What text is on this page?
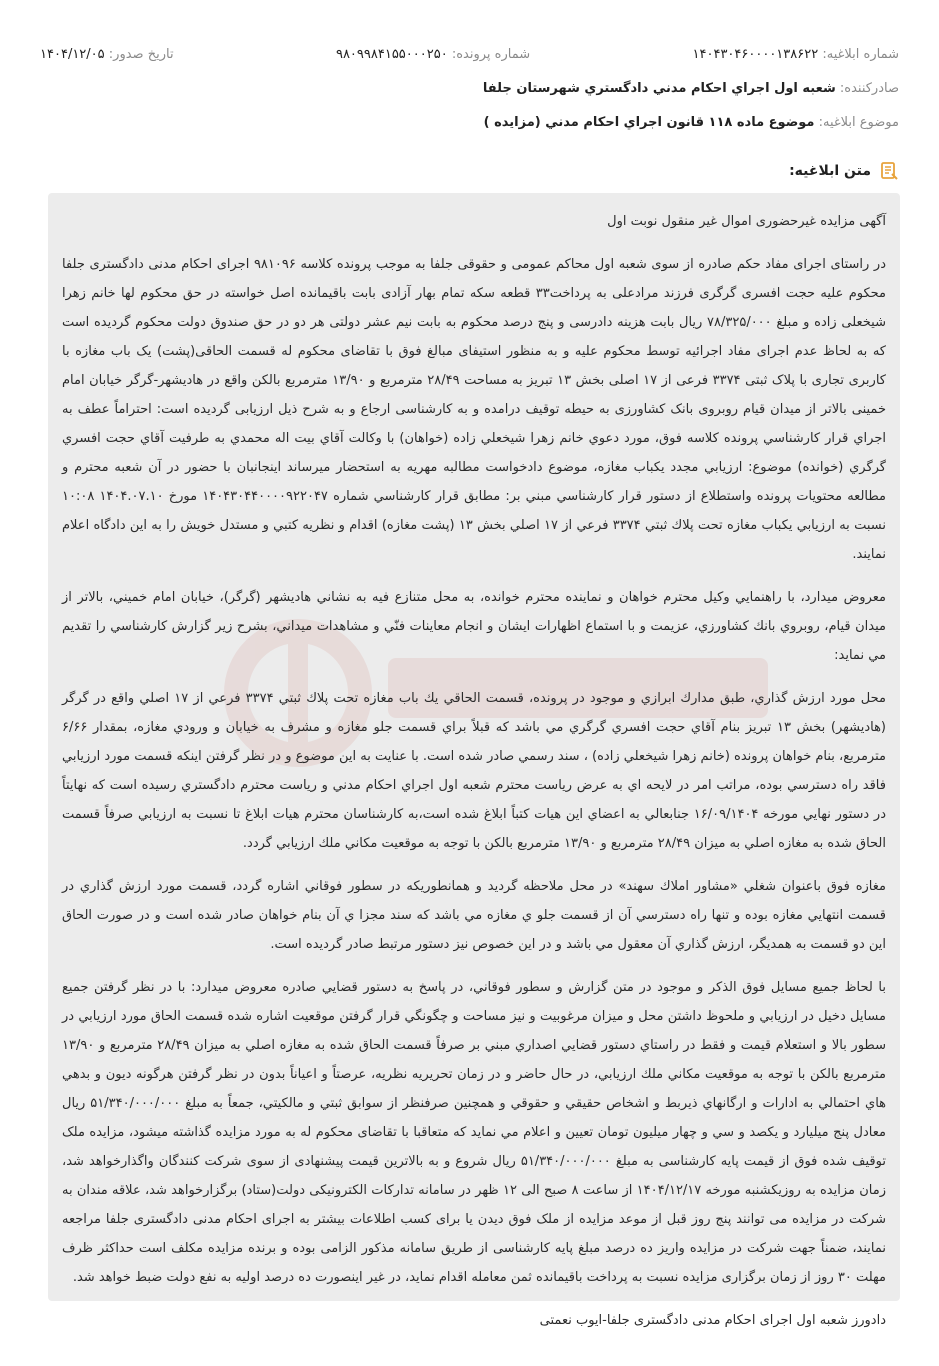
شماره ابلاغیه: ۱۴۰۴۳۰۴۶۰۰۰۰۱۳۸۶۲۲
شماره پرونده: ۹۸۰۹۹۸۴۱۵۵۰۰۰۲۵۰
تاریخ صدور: ۱۴۰۴/۱۲/۰۵
صادرکننده: شعبه اول اجراي احكام مدني دادگستري شهرستان جلفا
موضوع ابلاغیه: موضوع ماده ۱۱۸ قانون اجراي احكام مدني (مزايده )
متن ابلاغیه:

آگهی مزایده غیرحضوری اموال غیر منقول نوبت اول

در راستای اجرای مفاد حکم صادره از سوی شعبه اول محاکم عمومی و حقوقی جلفا به موجب پرونده کلاسه ۹۸۱۰۹۶ اجرای احکام مدنی دادگستری جلفا محکوم علیه حجت افسری گرگری فرزند مرادعلی به پرداخت۳۳ قطعه سکه تمام بهار آزادی بابت باقیمانده اصل خواسته در حق محکوم لها خانم زهرا شیخعلی زاده و مبلغ ۷۸/۳۲۵/۰۰۰ ریال بابت هزینه دادرسی و پنج درصد محکوم به بابت نیم عشر دولتی هر دو در حق صندوق دولت محکوم گردیده است که به لحاظ عدم اجرای مفاد اجرائیه توسط محکوم علیه و به منظور استیفای مبالغ فوق با تقاضای محکوم له قسمت الحاقی(پشت) یک باب مغازه با کاربری تجاری با پلاک ثبتی ۳۳۷۴ فرعی از ۱۷ اصلی بخش ۱۳ تبریز به مساحت ۲۸/۴۹ مترمربع و ۱۳/۹۰ مترمربع بالکن واقع در هادیشهر-گرگر خیابان امام خمینی بالاتر از میدان قیام روبروی بانک کشاورزی به حیطه توقیف درامده و به کارشناسی ارجاع و به شرح ذیل ارزیابی گردیده است: احتراماً عطف به اجراي قرار كارشناسي پرونده كلاسه فوق، مورد دعوي خانم زهرا شيخعلي زاده (خواهان) با وكالت آقاي بيت اله محمدي به طرفيت آقاي حجت افسري گرگري (خوانده) موضوع: ارزيابي مجدد يكباب مغازه، موضوع دادخواست مطالبه مهريه به استحضار ميرساند اينجانبان با حضور در آن شعبه محترم و مطالعه محتويات پرونده واستطلاع از دستور قرار كارشناسي مبني بر: مطابق قرار كارشناسي شماره ۱۴۰۴۳۰۴۴۰۰۰۰۹۲۲۰۴۷ مورخ ۱۴۰۴.۰۷.۱۰ ۱۰:۰۸ نسبت به ارزيابي يكباب مغازه تحت پلاك ثبتي ۳۳۷۴ فرعي از ۱۷ اصلي بخش ۱۳ (پشت مغازه) اقدام و نظريه كتبي و مستدل خويش را به اين دادگاه اعلام نمايند.

معروض ميدارد، با راهنمايي وكيل محترم خواهان و نماينده محترم خوانده، به محل متنازع فيه به نشاني هاديشهر (گرگر)، خيابان امام خميني، بالاتر از ميدان قيام، روبروي بانك كشاورزي، عزيمت و با استماع اظهارات ايشان و انجام معاينات فنّي و مشاهدات ميداني، بشرح زير گزارش كارشناسي را تقديم مي نمايد:

محل مورد ارزش گذاري، طبق مدارك ابرازي و موجود در پرونده، قسمت الحاقي يك باب مغازه تحت پلاك ثبتي ۳۳۷۴ فرعي از ۱۷ اصلي واقع در گرگر (هاديشهر) بخش ۱۳ تبريز بنام آقاي حجت افسري گرگري مي باشد كه قبلاً براي قسمت جلو مغازه و مشرف به خيابان و ورودي مغازه، بمقدار ۶/۶۶ مترمربع، بنام خواهان پرونده (خانم زهرا شيخعلي زاده) ، سند رسمي صادر شده است. با عنايت به اين موضوع و در نظر گرفتن اينكه قسمت مورد ارزيابي فاقد راه دسترسي بوده، مراتب امر در لايحه اي به عرض رياست محترم شعبه اول اجراي احكام مدني و رياست محترم دادگستري رسيده است كه نهايتاً در دستور نهايي مورخه ۱۶/۰۹/۱۴۰۴ جنابعالي به اعضاي اين هيات كتباً ابلاغ شده است،به كارشناسان محترم هيات ابلاغ تا نسبت به ارزيابي صرفاً قسمت الحاق شده به مغازه اصلي به ميزان ۲۸/۴۹ مترمربع و ۱۳/۹۰ مترمربع بالكن با توجه به موقعيت مكاني ملك ارزيابي گردد.

مغازه فوق باعنوان شغلي «مشاور املاك سهند» در محل ملاحظه گرديد و همانطوريكه در سطور فوقاني اشاره گردد، قسمت مورد ارزش گذاري در قسمت انتهايي مغازه بوده و تنها راه دسترسي آن از قسمت جلو ي مغازه مي باشد كه سند مجزا ي آن بنام خواهان صادر شده است و در صورت الحاق اين دو قسمت به همديگر، ارزش گذاري آن معقول مي باشد و در اين خصوص نيز دستور مرتبط صادر گرديده است.

با لحاظ جميع مسايل فوق الذكر و موجود در متن گزارش و سطور فوقاني، در پاسخ به دستور قضايي صادره معروض ميدارد: با در نظر گرفتن جميع مسايل دخيل در ارزيابي و ملحوظ داشتن محل و ميزان مرغوبيت و نيز مساحت و چگونگي قرار گرفتن موقعيت اشاره شده قسمت الحاق مورد ارزيابي در سطور بالا و استعلام قيمت و فقط در راستاي دستور قضايي اصداري مبني بر صرفاً قسمت الحاق شده به مغازه اصلي به ميزان ۲۸/۴۹ مترمربع و ۱۳/۹۰ مترمربع بالكن با توجه به موقعيت مكاني ملك ارزيابي، در حال حاضر و در زمان تحريريه نظريه، عرصتاً و اعياناً بدون در نظر گرفتن هرگونه ديون و بدهي هاي احتمالي به ادارات و ارگانهاي ذيربط و اشخاص حقيقي و حقوقي و همچنين صرفنظر از سوابق ثبتي و مالكيتي، جمعاً به مبلغ ۵۱/۳۴۰/۰۰۰/۰۰۰ ريال معادل پنج ميليارد و يكصد و سي و چهار ميليون تومان تعيين و اعلام مي نمايد كه متعاقبا با تقاضای محکوم له به مورد مزایده گذاشته میشود، مزايده ملک توقیف شده فوق از قيمت پايه كارشناسی به مبلغ ۵۱/۳۴۰/۰۰۰/۰۰۰ ریال شروع و به بالاترين قيمت پيشنهادی از سوی شرکت کنندگان واگذارخواهد شد، زمان مزايده به روزیکشنبه مورخه ۱۴۰۴/۱۲/۱۷ از ساعت ۸ صبح الی ۱۲ ظهر در سامانه تدارکات الکترونیکی دولت(ستاد) برگزارخواهد شد، علاقه مندان به شرکت در مزایده می توانند پنج روز قبل از موعد مزايده از ملک فوق ديدن يا برای کسب اطلاعات بيشتر به اجرای احکام مدنی دادگستری جلفا مراجعه نمايند، ضمناً جهت شرکت در مزايده واريز ده درصد مبلغ پايه کارشناسی از طريق سامانه مذکور الزامی بوده و برنده مزايده مکلف است حداکثر ظرف مهلت ۳۰ روز از زمان برگزاری مزايده نسبت به پرداخت باقیمانده ثمن معامله اقدام نمايد، در غير اينصورت ده درصد اوليه به نفع دولت ضبط خواهد شد.

دادورز شعبه اول اجرای احکام مدنی دادگستری جلفا-ایوب نعمتی
